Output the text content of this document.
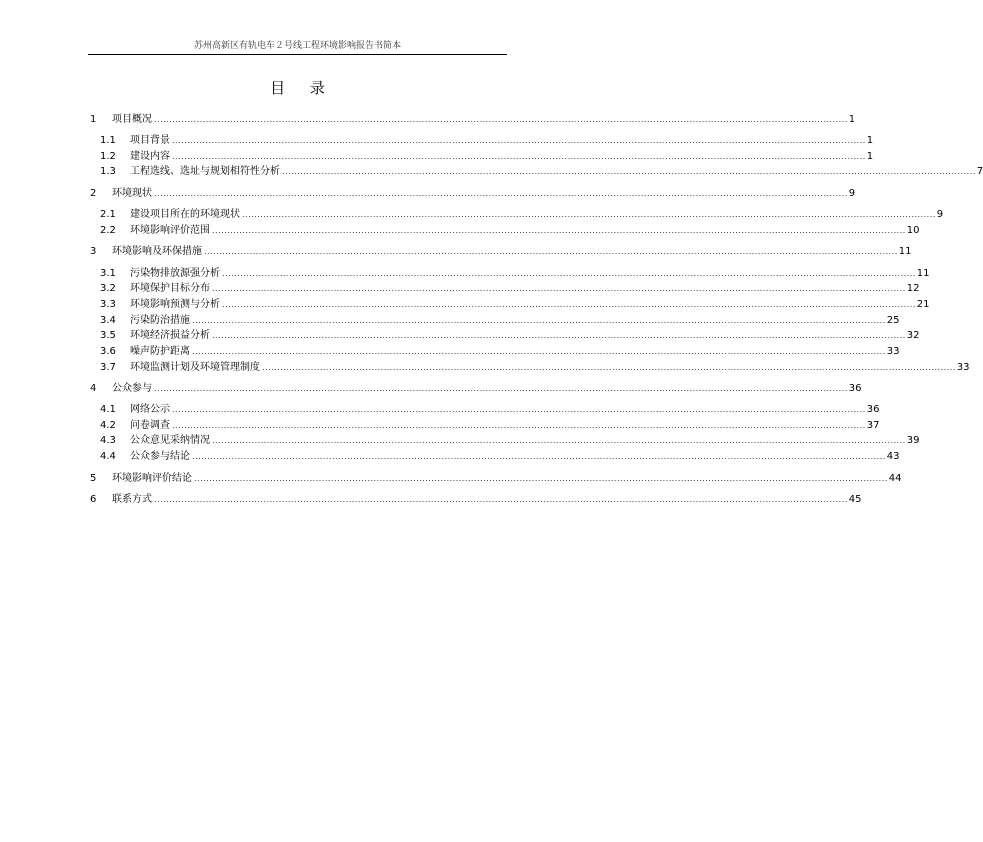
苏州高新区有轨电车２号线工程环境影响报告书简本
目 录
1	项目概况 .................................................................................................................................................................................................................................... 1
1.1	项目背景 .................................................................................................................................................................................................................................... 1
1.2	建设内容 .................................................................................................................................................................................................................................... 1
1.3	工程选线、选址与规划相符性分析 .................................................................................................................................................................................................................................... 7
2	环境现状 .................................................................................................................................................................................................................................... 9
2.1	建设项目所在的环境现状 .................................................................................................................................................................................................................................... 9
2.2	环境影响评价范围 .................................................................................................................................................................................................................................... 10
3	环境影响及环保措施 .................................................................................................................................................................................................................................... 11
3.1	污染物排放源强分析 .................................................................................................................................................................................................................................... 11
3.2	环境保护目标分布 .................................................................................................................................................................................................................................... 12
3.3	环境影响预测与分析 .................................................................................................................................................................................................................................... 21
3.4	污染防治措施 .................................................................................................................................................................................................................................... 25
3.5	环境经济损益分析 .................................................................................................................................................................................................................................... 32
3.6	噪声防护距离 .................................................................................................................................................................................................................................... 33
3.7	环境监测计划及环境管理制度 .................................................................................................................................................................................................................................... 33
4	公众参与 .................................................................................................................................................................................................................................... 36
4.1	网络公示 .................................................................................................................................................................................................................................... 36
4.2	问卷调查 .................................................................................................................................................................................................................................... 37
4.3	公众意见采纳情况 .................................................................................................................................................................................................................................... 39
4.4	公众参与结论 .................................................................................................................................................................................................................................... 43
5	环境影响评价结论 .................................................................................................................................................................................................................................... 44
6	联系方式 .................................................................................................................................................................................................................................... 45
